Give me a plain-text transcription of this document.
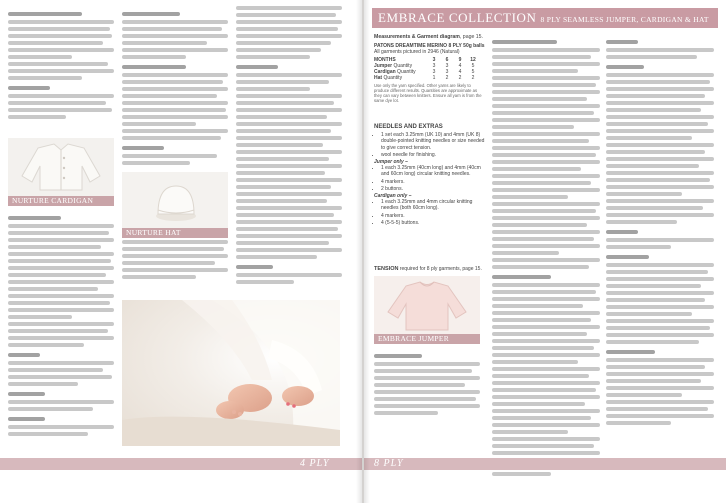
NURTURE CARDIGAN
NURTURE HAT
4 PLY
EMBRACE COLLECTION 8 PLY SEAMLESS JUMPER, CARDIGAN & HAT
Measurements & Garment diagram, page 15.
PATONS DREAMTIME MERINO 8 PLY 50g balls
All garments pictured in 2946 (Natural)
MONTHS	3	6	9	12
Jumper Quantity	3	3	4	5
Cardigan Quantity	3	3	4	5
Hat Quantity	1	2	2	2
Use only the yarn specified. Other yarns are likely to produce different results. Quantities are approximate as they can vary between knitters. Ensure all yarn is from the same dye lot.
NEEDLES AND EXTRAS
• 1 set each 3.25mm (UK 10) and 4mm (UK 8) double-pointed knitting needles or size needed to give correct tension.
• wool needle for finishing.
Jumper only –
• 1 each 3.25mm (40cm long) and 4mm (40cm and 60cm long) circular knitting needles.
• 4 markers.
• 2 buttons.
Cardigan only –
• 1 each 3.25mm and 4mm circular knitting needles (both 60cm long).
• 4 markers.
• 4 (5-5-5) buttons.
TENSION required for 8 ply garments, page 15.
EMBRACE JUMPER
8 PLY
